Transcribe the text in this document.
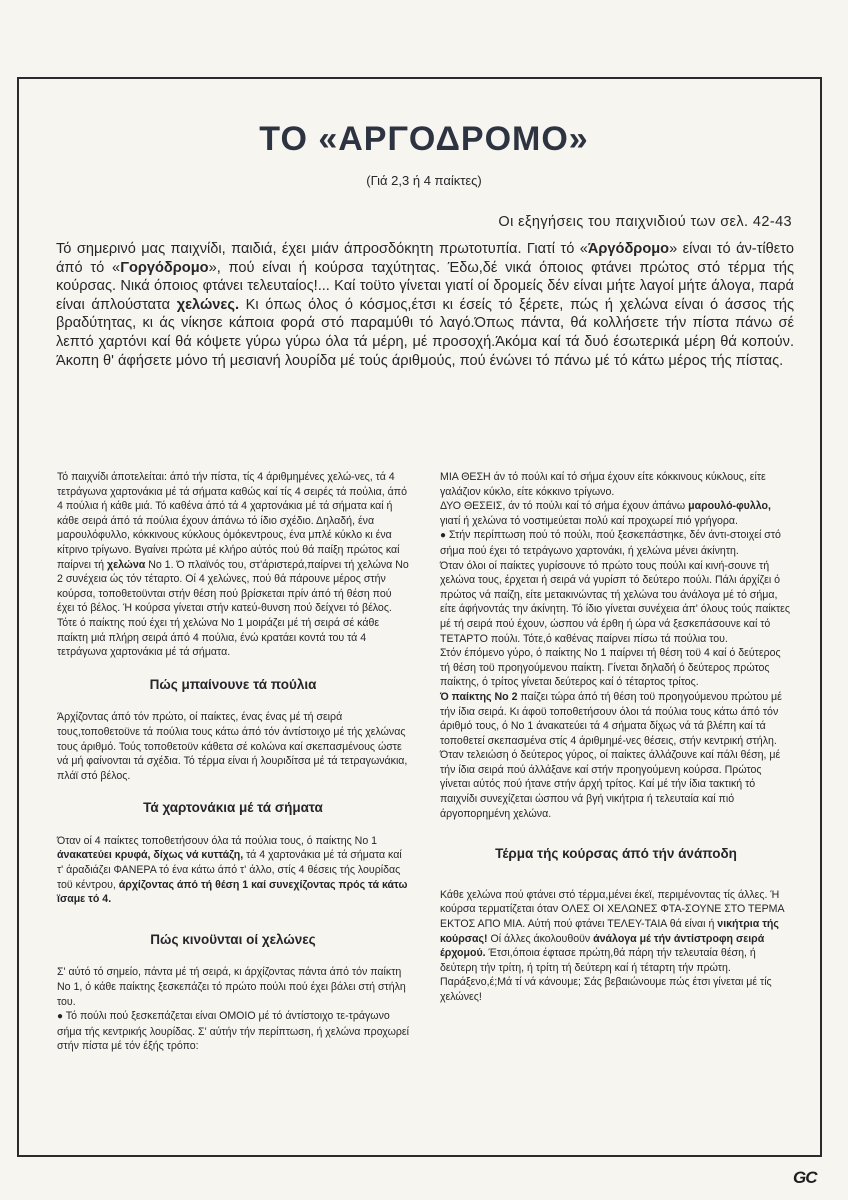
ΤΟ «ΑΡΓΟΔΡΟΜΟ»
(Γιά 2,3 ή 4 παίκτες)
Οι εξηγήσεις του παιχνιδιού των σελ. 42-43
Τό σημερινό μας παιχνίδι, παιδιά, έχει μιάν άπροσδόκητη πρωτοτυπία. Γιατί τό «Άργόδρομο» είναι τό άν-τίθετο άπό τό «Γοργόδρομο», πού είναι ή κούρσα ταχύτητας. Έδω,δέ νικά όποιος φτάνει πρώτος στό τέρμα τής κούρσας. Νικά όποιος φτάνει τελευταίος!... Καί τοϋτο γίνεται γιατί οί δρομείς δέν είναι μήτε λαγοί μήτε άλογα, παρά είναι άπλούστατα χελώνες. Κι όπως όλος ό κόσμος,έτσι κι έσείς τό ξέρετε, πώς ή χελώνα είναι ό άσσος τής βραδύτητας, κι άς νίκησε κάποια φορά στό παραμύθι τό λαγό.Όπως πάντα, θά κολλήσετε τήν πίστα πάνω σέ λεπτό χαρτόνι καί θά κόψετε γύρω γύρω όλα τά μέρη, μέ προσοχή.Άκόμα καί τά δυό έσωτερικά μέρη θά κοπούν. Άκοπη θ' άφήσετε μόνο τή μεσιανή λουρίδα μέ τούς άριθμούς, πού ένώνει τό πάνω μέ τό κάτω μέρος τής πίστας.

Τό παιχνίδι άποτελείται: άπό τήν πίστα, τίς 4 άριθμημένες χελώ-νες, τά 4 τετράγωνα χαρτονάκια μέ τά σήματα καθώς καί τίς 4 σειρές τά πούλια, άπό 4 πούλια ή κάθε μιά. Τό καθένα άπό τά 4 χαρτονάκια μέ τά σήματα καί ή κάθε σειρά άπό τά πούλια έχουν άπάνω τό ίδιο σχέδιο. Δηλαδή, ένα μαρουλόφυλλο, κόκκινους κύκλους όμόκεντρους, ένα μπλέ κύκλο κι ένα κίτρινο τρίγωνο. Βγαίνει πρώτα μέ κλήρο αύτός πού θά παίξη πρώτος καί παίρνει τή χελώνα Νο 1. Ό πλαϊνός του, στ'άριστερά,παίρνει τή χελώνα Νο 2 συνέχεια ώς τόν τέταρτο. Οί 4 χελώνες, πού θά πάρουνε μέρος στήν κούρσα, τοποθετοϋνται στήν θέση πού βρίσκεται πρίν άπό τή θέση πού έχει τό βέλος. Ή κούρσα γίνεται στήν κατεύ-θυνση πού δείχνει τό βέλος.

Τότε ό παίκτης πού έχει τή χελώνα Νο 1 μοιράζει μέ τή σειρά σέ κάθε παίκτη μιά πλήρη σειρά άπό 4 πούλια, ένώ κρατάει κοντά του τά 4 τετράγωνα χαρτονάκια μέ τά σήματα.

Πώς μπαίνουνε τά πούλια

Άρχίζοντας άπό τόν πρώτο, οί παίκτες, ένας ένας μέ τή σειρά τους,τοποθετοϋνε τά πούλια τους κάτω άπό τόν άντίστοιχο μέ τής χελώνας τους άριθμό. Τούς τοποθετοϋν κάθετα σέ κολώνα καί σκεπασμένους ώστε νά μή φαίνονται τά σχέδια. Τό τέρμα είναι ή λουριδίτσα μέ τά τετραγωνάκια, πλάϊ στό βέλος.

Τά χαρτονάκια μέ τά σήματα

Όταν οί 4 παίκτες τοποθετήσουν όλα τά πούλια τους, ό παίκτης Νο 1 άνακατεύει κρυφά, δίχως νά κυττάζη, τά 4 χαρτονάκια μέ τά σήματα καί τ' άραδιάζει ΦΑΝΕΡΑ τό ένα κάτω άπό τ' άλλο, στίς 4 θέσεις τής λουρίδας τοϋ κέντρου, άρχίζοντας άπό τή θέση 1 καί συνεχίζοντας πρός τά κάτω ϊσαμε τό 4.

Πώς κινοϋνται οί χελώνες

Σ' αύτό τό σημείο, πάντα μέ τή σειρά, κι άρχίζοντας πάντα άπό τόν παίκτη Νο 1, ό κάθε παίκτης ξεσκεπάζει τό πρώτο πούλι πού έχει βάλει στή στήλη του.

● Τό πούλι πού ξεσκεπάζεται είναι ΟΜΟΙΟ μέ τό άντίστοιχο τε-τράγωνο σήμα τής κεντρικής λουρίδας. Σ' αύτήν τήν περίπτωση, ή χελώνα προχωρεί στήν πίστα μέ τόν έξής τρόπο:

ΜΙΑ ΘΕΣΗ άν τό πούλι καί τό σήμα έχουν είτε κόκκινους κύκλους, είτε γαλάζιον κύκλο, είτε κόκκινο τρίγωνο.

ΔΥΟ ΘΕΣΕΙΣ, άν τό πούλι καί τό σήμα έχουν άπάνω μαρουλό-φυλλο, γιατί ή χελώνα τό νοστιμεύεται πολύ καί προχωρεί πιό γρήγορα.

● Στήν περίπτωση πού τό πούλι, πού ξεσκεπάστηκε, δέν άντι-στοιχεί στό σήμα πού έχει τό τετράγωνο χαρτονάκι, ή χελώνα μένει άκίνητη.

Όταν όλοι οί παίκτες γυρίσουνε τό πρώτο τους πούλι καί κινή-σουνε τή χελώνα τους, έρχεται ή σειρά νά γυρίσπ τό δεύτερο πούλι. Πάλι άρχίζει ό πρώτος νά παίζη, είτε μετακινώντας τή χελώνα του άνάλογα μέ τό σήμα, είτε άφήνοντάς την άκίνητη. Τό ίδιο γίνεται συνέχεια άπ' όλους τούς παίκτες μέ τή σειρά πού έχουν, ώσπου νά έρθη ή ώρα νά ξεσκεπάσουνε καί τό ΤΕΤΑΡΤΟ πούλι. Τότε,ό καθένας παίρνει πίσω τά πούλια του.

Στόν έπόμενο γύρο, ό παίκτης Νο 1 παίρνει τή θέση τοϋ 4 καί ό δεύτερος τή θέση τοϋ προηγούμενου παίκτη. Γίνεται δηλαδή ό δεύτερος πρώτος παίκτης, ό τρίτος γίνεται δεύτερος καί ό τέταρτος τρίτος.

Ό παίκτης Νο 2 παίζει τώρα άπό τή θέση τοϋ προηγούμενου πρώτου μέ τήν ίδια σειρά. Κι άφοϋ τοποθετήσουν όλοι τά πούλια τους κάτω άπό τόν άριθμό τους, ό Νο 1 άνακατεύει τά 4 σήματα δίχως νά τά βλέπη καί τά τοποθετεί σκεπασμένα στίς 4 άριθμημέ-νες θέσεις, στήν κεντρική στήλη.

Όταν τελειώση ό δεύτερος γύρος, οί παίκτες άλλάζουνε καί πάλι θέση, μέ τήν ίδια σειρά πού άλλάξανε καί στήν προηγούμενη κούρσα. Πρώτος γίνεται αύτός πού ήτανε στήν άρχή τρίτος. Καί μέ τήν ίδια τακτική τό παιχνίδι συνεχίζεται ώσπου νά βγή νικήτρια ή τελευταία καί πιό άργοπορημένη χελώνα.

Τέρμα τής κούρσας άπό τήν άνάποδη

Κάθε χελώνα πού φτάνει στό τέρμα,μένει έκεϊ, περιμένοντας τίς άλλες. Ή κούρσα τερματίζεται όταν ΟΛΕΣ ΟΙ ΧΕΛΩΝΕΣ ΦΤΑ-ΣΟΥΝΕ ΣΤΟ ΤΕΡΜΑ ΕΚΤΟΣ ΑΠΟ ΜΙΑ. Αύτή πού φτάνει ΤΕΛΕΥ-ΤΑΙΑ θά είναι ή νικήτρια τής κούρσας! Οί άλλες άκολουθοϋν άνάλογα μέ τήν άντίστροφη σειρά έρχομού. Έτσι,όποια έφτασε πρώτη,θά πάρη τήν τελευταία θέση, ή δεύτερη τήν τρίτη, ή τρίτη τή δεύτερη καί ή τέταρτη τήν πρώτη.

Παράξενο,έ;Μά τί νά κάνουμε; Σάς βεβαιώνουμε πώς έτσι γίνεται μέ τίς χελώνες!

GC
